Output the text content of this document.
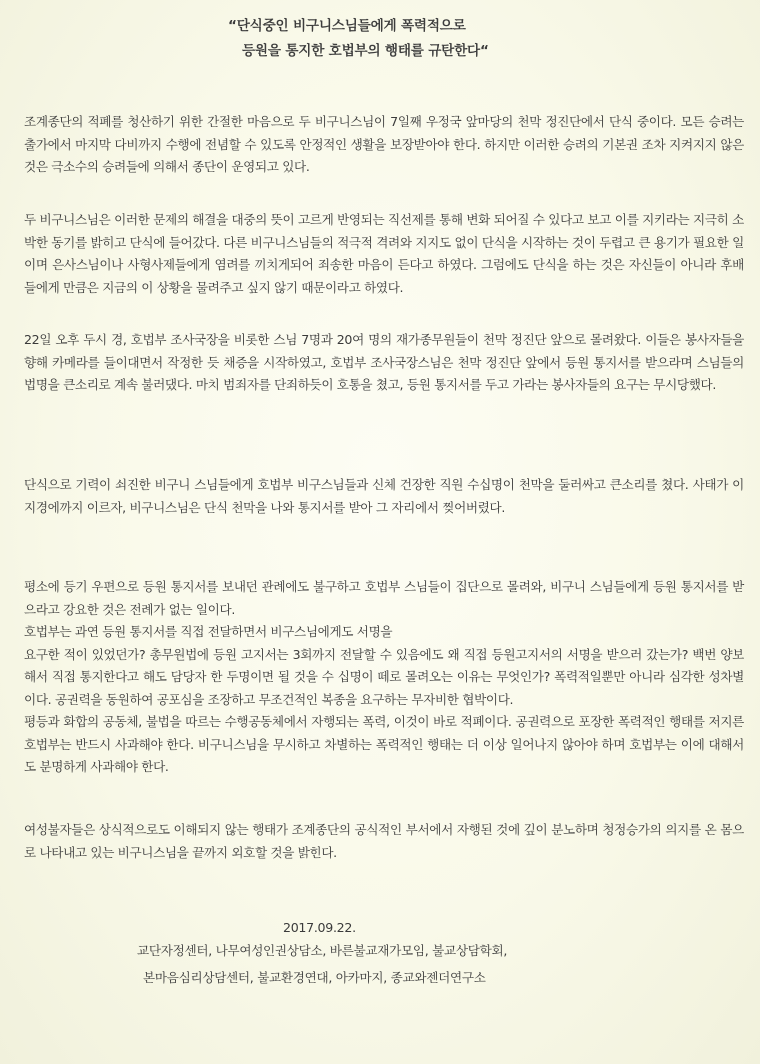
“단식중인 비구니스님들에게 폭력적으로
등원을 통지한 호법부의 행태를 규탄한다“

조계종단의 적폐를 청산하기 위한 간절한 마음으로 두 비구니스님이 7일째 우정국 앞마당의 천막 정진단에서 단식 중이다. 모든 승려는 출가에서 마지막 다비까지 수행에 전념할 수 있도록 안정적인 생활을 보장받아야 한다. 하지만 이러한 승려의 기본권 조차 지켜지지 않은 것은 극소수의 승려들에 의해서 종단이 운영되고 있다.

두 비구니스님은 이러한 문제의 해결을 대중의 뜻이 고르게 반영되는 직선제를 통해 변화 되어질 수 있다고 보고 이를 지키라는 지극히 소박한 동기를 밝히고 단식에 들어갔다. 다른 비구니스님들의 적극적 격려와 지지도 없이 단식을 시작하는 것이 두렵고 큰 용기가 필요한 일이며 은사스님이나 사형사제들에게 염려를 끼치게되어 죄송한 마음이 든다고 하였다. 그럼에도 단식을 하는 것은 자신들이 아니라 후배들에게 만큼은 지금의 이 상황을 물려주고 싶지 않기 때문이라고 하였다.

22일 오후 두시 경, 호법부 조사국장을 비롯한 스님 7명과 20여 명의 재가종무원들이 천막 정진단 앞으로 몰려왔다. 이들은 봉사자들을 향해 카메라를 들이대면서 작정한 듯 채증을 시작하였고, 호법부 조사국장스님은 천막 정진단 앞에서 등원 통지서를 받으라며 스님들의 법명을 큰소리로 계속 불러댔다. 마치 범죄자를 단죄하듯이 호통을 쳤고, 등원 통지서를 두고 가라는 봉사자들의 요구는 무시당했다.

단식으로 기력이 쇠진한 비구니 스님들에게 호법부 비구스님들과 신체 건장한 직원 수십명이 천막을 둘러싸고 큰소리를 쳤다. 사태가 이 지경에까지 이르자, 비구니스님은 단식 천막을 나와 통지서를 받아 그 자리에서 찢어버렸다.

평소에 등기 우편으로 등원 통지서를 보내던 관례에도 불구하고 호법부 스님들이 집단으로 몰려와, 비구니 스님들에게 등원 통지서를 받으라고 강요한 것은 전례가 없는 일이다.

호법부는 과연 등원 통지서를 직접 전달하면서 비구스님에게도 서명을

요구한 적이 있었던가? 총무원법에 등원 고지서는 3회까지 전달할 수 있음에도 왜 직접 등원고지서의 서명을 받으러 갔는가? 백번 양보해서 직접 통지한다고 해도 담당자 한 두명이면 될 것을 수 십명이 떼로 몰려오는 이유는 무엇인가? 폭력적일뿐만 아니라 심각한 성차별이다. 공권력을 동원하여 공포심을 조장하고 무조건적인 복종을 요구하는 무자비한 협박이다.

평등과 화합의 공동체, 불법을 따르는 수행공동체에서 자행되는 폭력, 이것이 바로 적폐이다. 공권력으로 포장한 폭력적인 행태를 저지른 호법부는 반드시 사과해야 한다. 비구니스님을 무시하고 차별하는 폭력적인 행태는 더 이상 일어나지 않아야 하며 호법부는 이에 대해서도 분명하게 사과해야 한다.

여성불자들은 상식적으로도 이해되지 않는 행태가 조계종단의 공식적인 부서에서 자행된 것에 깊이 분노하며 청정승가의 의지를 온 몸으로 나타내고 있는 비구니스님을 끝까지 외호할 것을 밝힌다.

2017.09.22.
교단자정센터, 나무여성인권상담소, 바른불교재가모임, 불교상담학회,
본마음심리상담센터, 불교환경연대, 아카마지, 종교와젠더연구소
